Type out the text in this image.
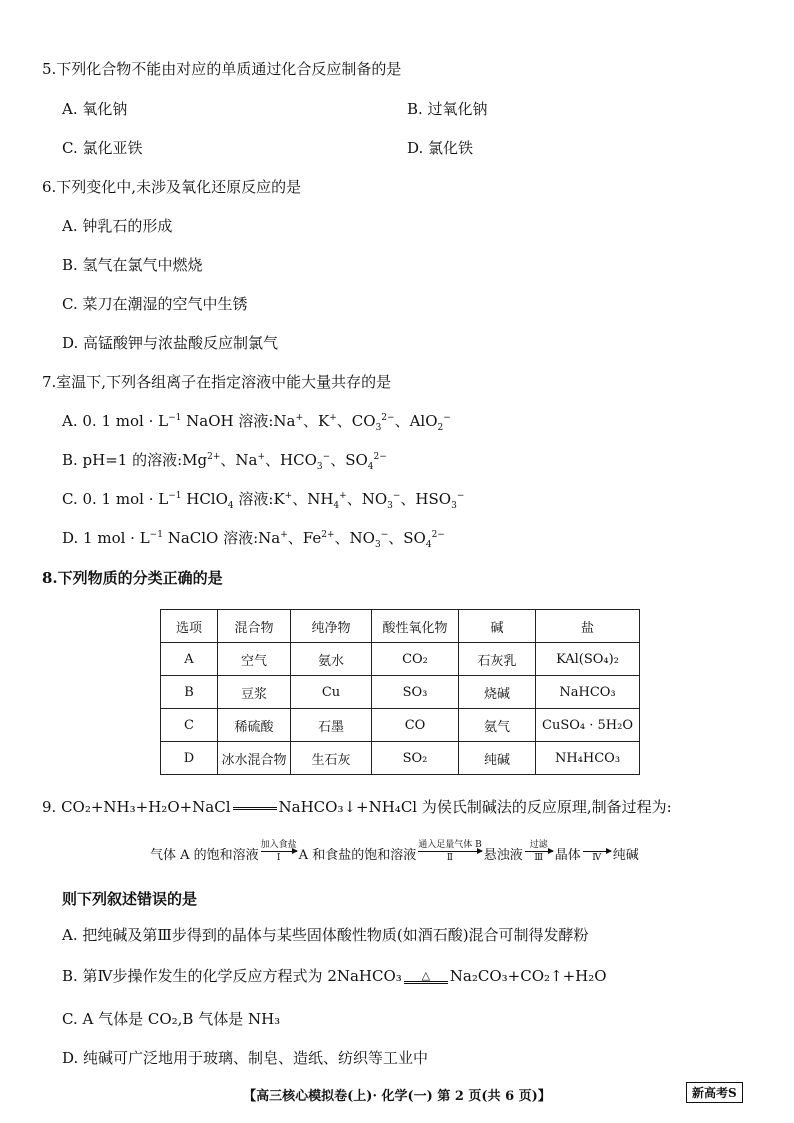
5.下列化合物不能由对应的单质通过化合反应制备的是
A. 氧化钠	B. 过氧化钠
C. 氯化亚铁	D. 氯化铁
6.下列变化中,未涉及氧化还原反应的是
A. 钟乳石的形成
B. 氢气在氯气中燃烧
C. 菜刀在潮湿的空气中生锈
D. 高锰酸钾与浓盐酸反应制氯气
7.室温下,下列各组离子在指定溶液中能大量共存的是
A. 0. 1 mol · $L^{-1}$ NaOH 溶液:Na+、K+、$CO_3^{2-}$、AlO$_2$−
B. pH=1 的溶液$:Mg^{2+}$、Na+、$HCO_3^-$、$SO_4^{2-}$
C. 0. 1 mol · $L^{-1}$ HClO$_4$ 溶液:K+、$NH_4^+$、$NO_3^-$、$HSO_3^-$
D. 1 mol · $L^{-1}$ NaClO 溶液:Na+、$Fe^{2+}$、$NO_3^-$、$SO_4^{2-}$
8.下列物质的分类正确的是
选项	混合物	纯净物	酸性氧化物	碱	盐
A	空气	氨水	CO₂	石灰乳	KAl(SO₄)₂
B	豆浆	Cu	SO₃	烧碱	NaHCO₃
C	稀硫酸	石墨	CO	氨气	CuSO₄ · 5H₂O
D	冰水混合物	生石灰	SO₂	纯碱	NH₄HCO₃
9. CO₂+NH₃+H₂O+NaCl	NaHCO₃↓+NH₄Cl 为侯氏制碱法的反应原理,制备过程为:
气体 A 的饱和溶液
加入食盐
Ⅰ A 和食盐的饱和溶液
通入足量气体 B
Ⅱ 悬浊液
过滤
Ⅲ 晶体
Ⅳ 纯碱
则下列叙述错误的是
A. 把纯碱及第Ⅲ步得到的晶体与某些固体酸性物质(如酒石酸)混合可制得发酵粉
B. 第Ⅳ步操作发生的化学反应方程式为 2NaHCO₃ △ Na₂CO₃+CO₂↑+H₂O
C. A 气体是 CO₂,B 气体是 NH₃
D. 纯碱可广泛地用于玻璃、制皂、造纸、纺织等工业中
【高三核心模拟卷(上)· 化学(一) 第 2 页(共 6 页)】	新高考S
